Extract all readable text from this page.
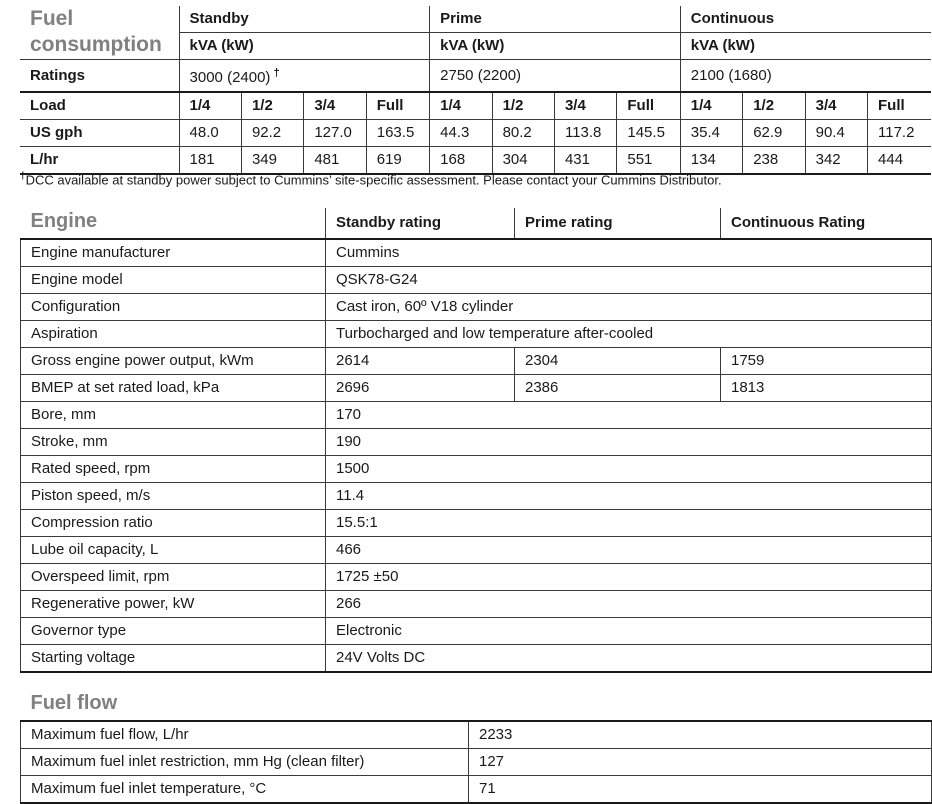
Fuel
consumption	Standby				Prime				Continuous			
	kVA (kW)				kVA (kW)				kVA (kW)			
Ratings	3000 (2400) †				2750 (2200)				2100 (1680)			
Load	1/4	1/2	3/4	Full	1/4	1/2	3/4	Full	1/4	1/2	3/4	Full
US gph	48.0	92.2	127.0	163.5	44.3	80.2	113.8	145.5	35.4	62.9	90.4	117.2
L/hr	181	349	481	619	168	304	431	551	134	238	342	444
†DCC available at standby power subject to Cummins’ site-specific assessment. Please contact your Cummins Distributor.
Engine	Standby rating	Prime rating	Continuous Rating
Engine manufacturer	Cummins		
Engine model	QSK78-G24		
Configuration	Cast iron, 60º V18 cylinder		
Aspiration	Turbocharged and low temperature after-cooled		
Gross engine power output, kWm	2614	2304	1759
BMEP at set rated load, kPa	2696	2386	1813
Bore, mm	170		
Stroke, mm	190		
Rated speed, rpm	1500		
Piston speed, m/s	11.4		
Compression ratio	15.5:1		
Lube oil capacity, L	466		
Overspeed limit, rpm	1725 ±50		
Regenerative power, kW	266		
Governor type	Electronic		
Starting voltage	24V Volts DC		
Fuel flow	
Maximum fuel flow, L/hr	2233
Maximum fuel inlet restriction, mm Hg (clean filter)	127
Maximum fuel inlet temperature, °C	71
